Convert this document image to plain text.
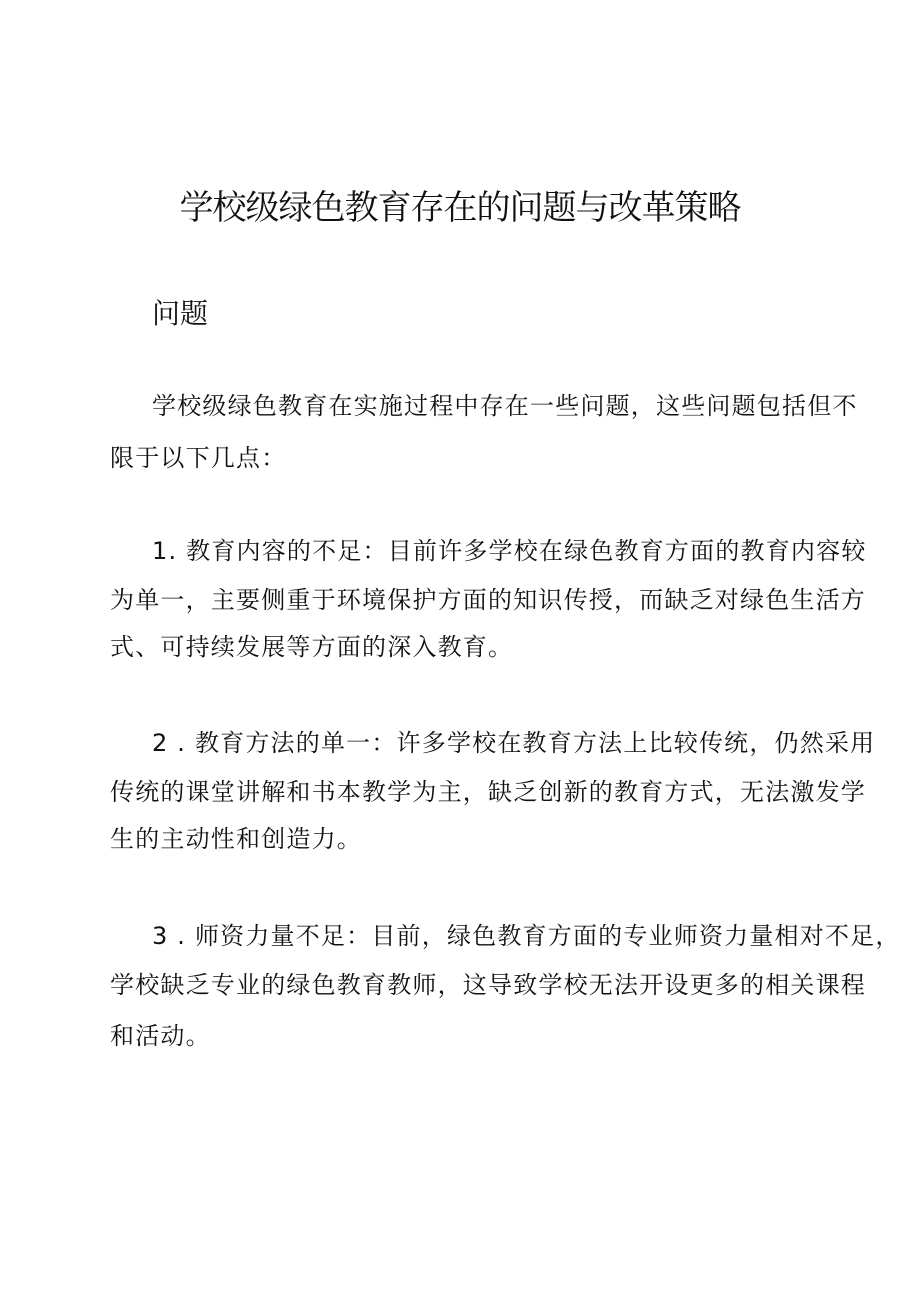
学校级绿色教育存在的问题与改革策略
问题
学校级绿色教育在实施过程中存在一些问题，这些问题包括但不
限于以下几点：
1. 教育内容的不足：目前许多学校在绿色教育方面的教育内容较
为单一，主要侧重于环境保护方面的知识传授，而缺乏对绿色生活方
式、可持续发展等方面的深入教育。
2 . 教育方法的单一：许多学校在教育方法上比较传统，仍然采用
传统的课堂讲解和书本教学为主，缺乏创新的教育方式，无法激发学
生的主动性和创造力。
3 . 师资力量不足：目前，绿色教育方面的专业师资力量相对不足，
学校缺乏专业的绿色教育教师，这导致学校无法开设更多的相关课程
和活动。
